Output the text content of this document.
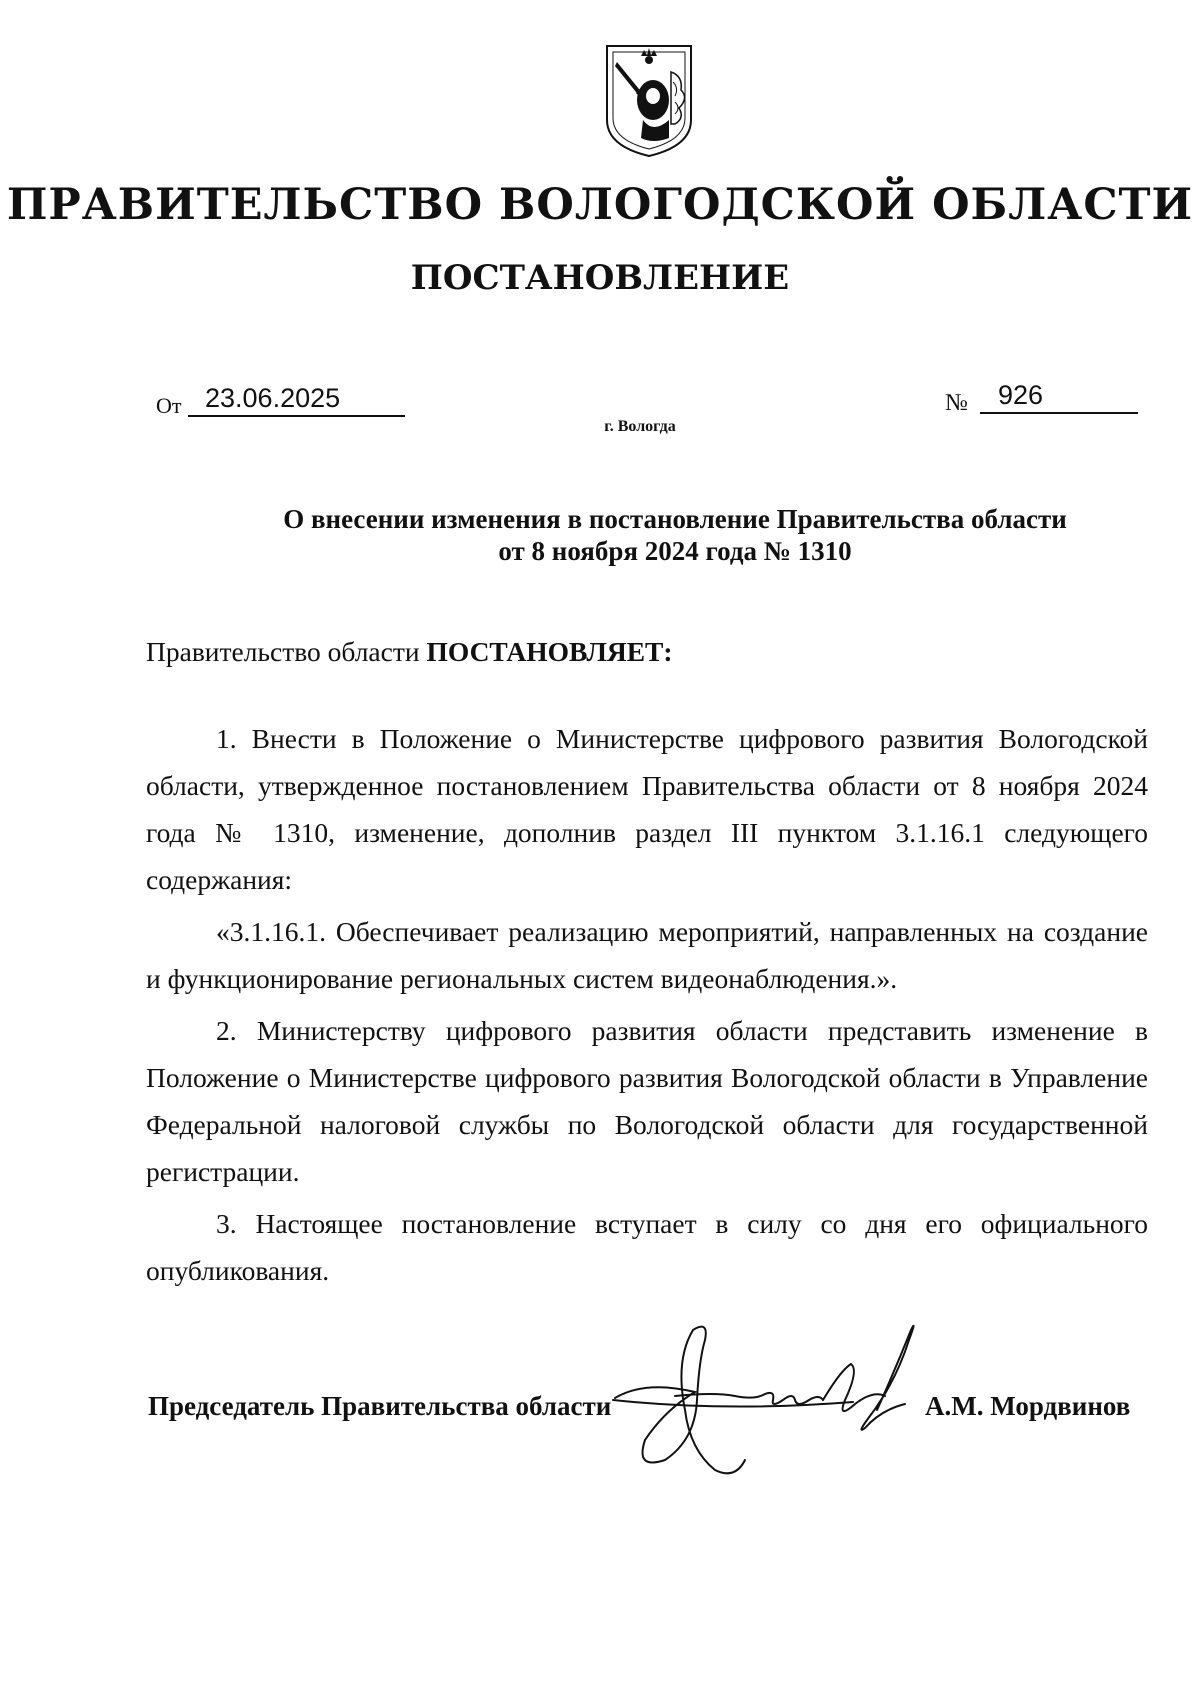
ПРАВИТЕЛЬСТВО ВОЛОГОДСКОЙ ОБЛАСТИ
ПОСТАНОВЛЕНИЕ
От 23.06.2025	№ 926
г. Вологда
О внесении изменения в постановление Правительства области
от 8 ноября 2024 года № 1310

Правительство области ПОСТАНОВЛЯЕТ:

1. Внести в Положение о Министерстве цифрового развития Вологодской области, утвержденное постановлением Правительства области от 8 ноября 2024 года № 1310, изменение, дополнив раздел III пунктом 3.1.16.1 следующего содержания:

«3.1.16.1. Обеспечивает реализацию мероприятий, направленных на создание и функционирование региональных систем видеонаблюдения.».

2. Министерству цифрового развития области представить изменение в Положение о Министерстве цифрового развития Вологодской области в Управление Федеральной налоговой службы по Вологодской области для государственной регистрации.

3. Настоящее постановление вступает в силу со дня его официального опубликования.

Председатель Правительства области	А.М. Мордвинов
